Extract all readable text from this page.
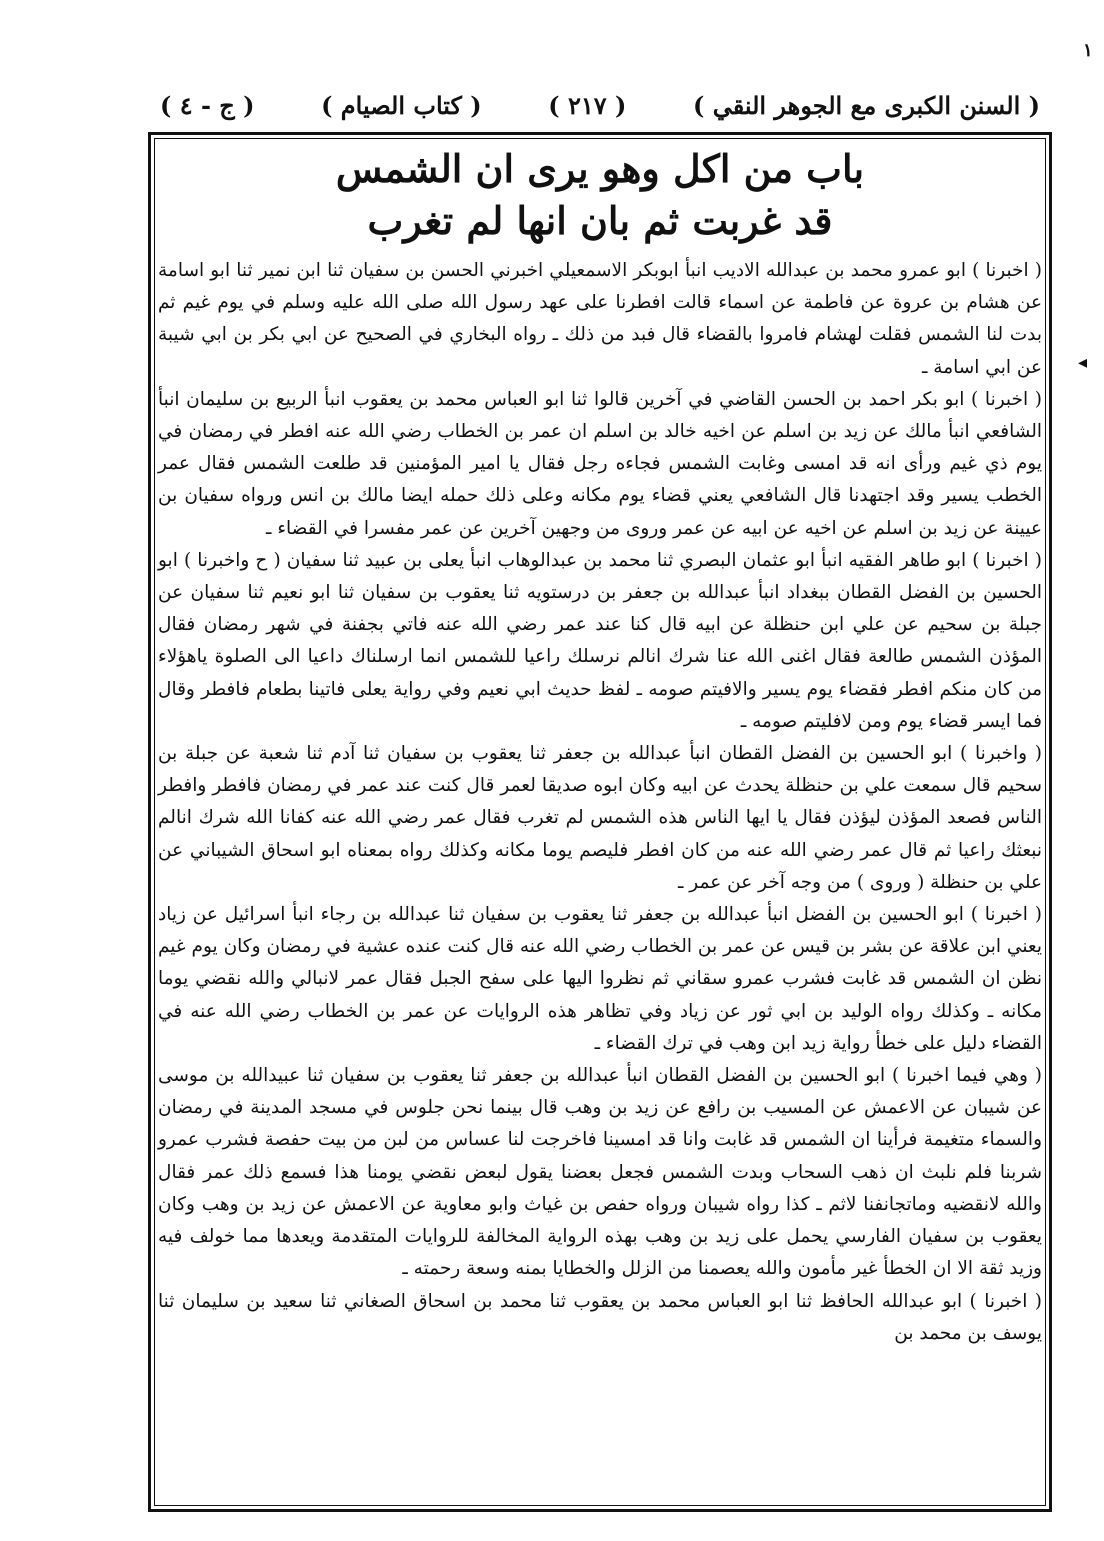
( السنن الكبرى مع الجوهر النقي )
( ٢١٧ )
( كتاب الصيام )
( ج - ٤ )
باب من اكل وهو يرى ان الشمس
قد غربت ثم بان انها لم تغرب

( اخبرنا ) ابو عمرو محمد بن عبدالله الاديب انبأ ابوبكر الاسمعيلي اخبرني الحسن بن سفيان ثنا ابن نمير ثنا ابو اسامة عن هشام بن عروة عن فاطمة عن اسماء قالت افطرنا على عهد رسول الله صلى الله عليه وسلم في يوم غيم ثم بدت لنا الشمس فقلت لهشام فامروا بالقضاء قال فبد من ذلك ـ رواه البخاري في الصحيح عن ابي بكر بن ابي شيبة عن ابي اسامة ـ

( اخبرنا ) ابو بكر احمد بن الحسن القاضي في آخرين قالوا ثنا ابو العباس محمد بن يعقوب انبأ الربيع بن سليمان انبأ الشافعي انبأ مالك عن زيد بن اسلم عن اخيه خالد بن اسلم ان عمر بن الخطاب رضي الله عنه افطر في رمضان في يوم ذي غيم ورأى انه قد امسى وغابت الشمس فجاءه رجل فقال يا امير المؤمنين قد طلعت الشمس فقال عمر الخطب يسير وقد اجتهدنا قال الشافعي يعني قضاء يوم مكانه وعلى ذلك حمله ايضا مالك بن انس ورواه سفيان بن عيينة عن زيد بن اسلم عن اخيه عن ابيه عن عمر وروى من وجهين آخرين عن عمر مفسرا في القضاء ـ

( اخبرنا ) ابو طاهر الفقيه انبأ ابو عثمان البصري ثنا محمد بن عبدالوهاب انبأ يعلى بن عبيد ثنا سفيان ( ح واخبرنا ) ابو الحسين بن الفضل القطان ببغداد انبأ عبدالله بن جعفر بن درستويه ثنا يعقوب بن سفيان ثنا ابو نعيم ثنا سفيان عن جبلة بن سحيم عن علي ابن حنظلة عن ابيه قال كنا عند عمر رضي الله عنه فاتي بجفنة في شهر رمضان فقال المؤذن الشمس طالعة فقال اغنى الله عنا شرك انالم نرسلك راعيا للشمس انما ارسلناك داعيا الى الصلوة ياهؤلاء من كان منكم افطر فقضاء يوم يسير والافيتم صومه ـ لفظ حديث ابي نعيم وفي رواية يعلى فاتينا بطعام فافطر وقال فما ايسر قضاء يوم ومن لافليتم صومه ـ

( واخبرنا ) ابو الحسين بن الفضل القطان انبأ عبدالله بن جعفر ثنا يعقوب بن سفيان ثنا آدم ثنا شعبة عن جبلة بن سحيم قال سمعت علي بن حنظلة يحدث عن ابيه وكان ابوه صديقا لعمر قال كنت عند عمر في رمضان فافطر وافطر الناس فصعد المؤذن ليؤذن فقال يا ايها الناس هذه الشمس لم تغرب فقال عمر رضي الله عنه كفانا الله شرك انالم نبعثك راعيا ثم قال عمر رضي الله عنه من كان افطر فليصم يوما مكانه وكذلك رواه بمعناه ابو اسحاق الشيباني عن علي بن حنظلة ( وروى ) من وجه آخر عن عمر ـ

( اخبرنا ) ابو الحسين بن الفضل انبأ عبدالله بن جعفر ثنا يعقوب بن سفيان ثنا عبدالله بن رجاء انبأ اسرائيل عن زياد يعني ابن علاقة عن بشر بن قيس عن عمر بن الخطاب رضي الله عنه قال كنت عنده عشية في رمضان وكان يوم غيم نظن ان الشمس قد غابت فشرب عمرو سقاني ثم نظروا اليها على سفح الجبل فقال عمر لانبالي والله نقضي يوما مكانه ـ وكذلك رواه الوليد بن ابي ثور عن زياد وفي تظاهر هذه الروايات عن عمر بن الخطاب رضي الله عنه في القضاء دليل على خطأ رواية زيد ابن وهب في ترك القضاء ـ

( وهي فيما اخبرنا ) ابو الحسين بن الفضل القطان انبأ عبدالله بن جعفر ثنا يعقوب بن سفيان ثنا عبيدالله بن موسى عن شيبان عن الاعمش عن المسيب بن رافع عن زيد بن وهب قال بينما نحن جلوس في مسجد المدينة في رمضان والسماء متغيمة فرأينا ان الشمس قد غابت وانا قد امسينا فاخرجت لنا عساس من لبن من بيت حفصة فشرب عمرو شربنا فلم نلبث ان ذهب السحاب وبدت الشمس فجعل بعضنا يقول لبعض نقضي يومنا هذا فسمع ذلك عمر فقال والله لانقضيه وماتجانفنا لاثم ـ كذا رواه شيبان ورواه حفص بن غياث وابو معاوية عن الاعمش عن زيد بن وهب وكان يعقوب بن سفيان الفارسي يحمل على زيد بن وهب بهذه الرواية المخالفة للروايات المتقدمة ويعدها مما خولف فيه وزيد ثقة الا ان الخطأ غير مأمون والله يعصمنا من الزلل والخطايا بمنه وسعة رحمته ـ

( اخبرنا ) ابو عبدالله الحافظ ثنا ابو العباس محمد بن يعقوب ثنا محمد بن اسحاق الصغاني ثنا سعيد بن سليمان ثنا يوسف بن محمد بن

۱
◂
